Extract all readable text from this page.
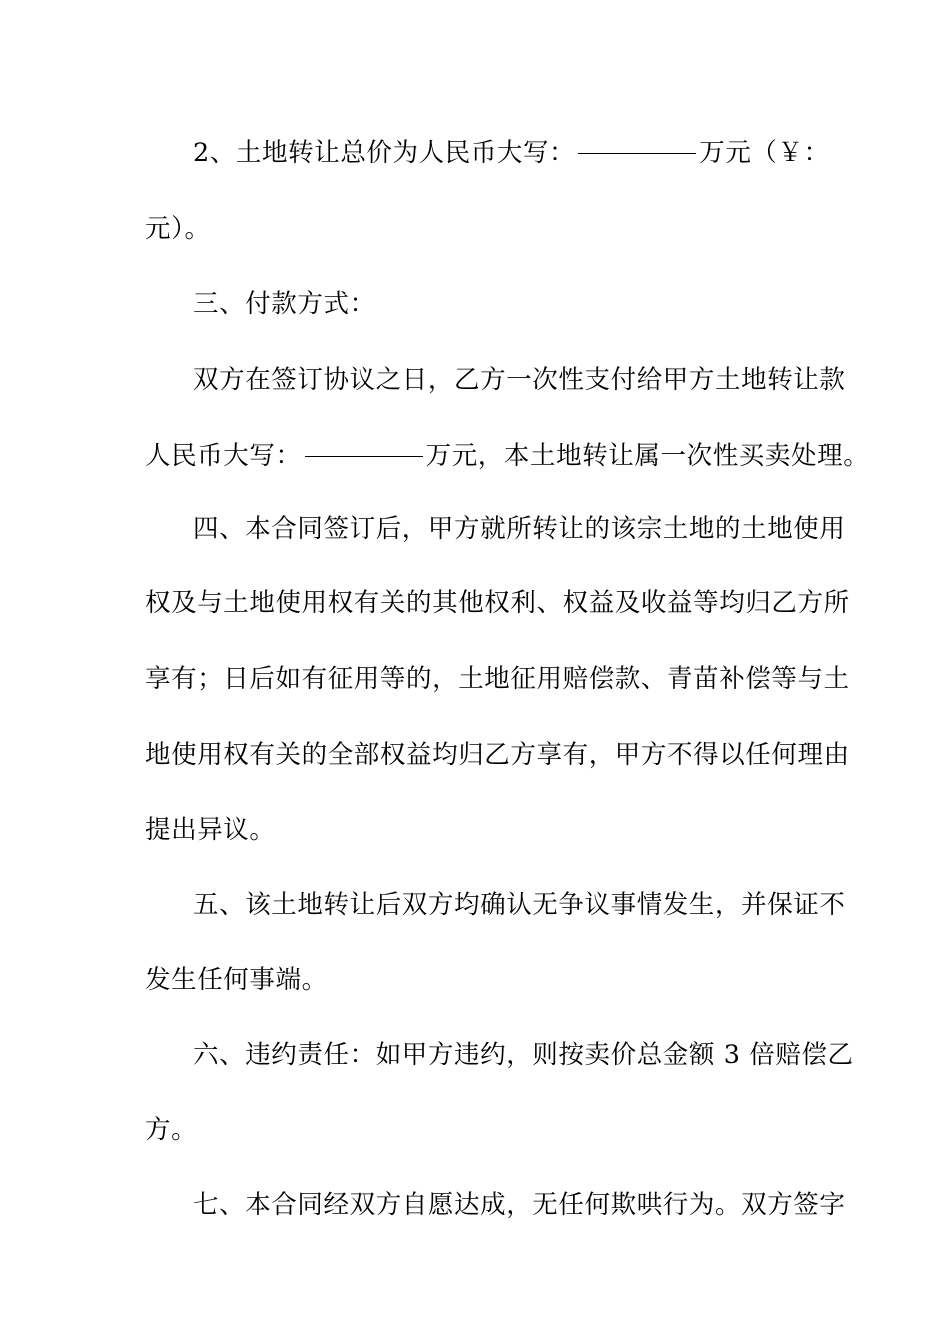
2、土地转让总价为人民币大写：	万元（￥：
元）。
三、付款方式：
双方在签订协议之日，乙方一次性支付给甲方土地转让款
人民币大写：	万元，本土地转让属一次性买卖处理。
四、本合同签订后，甲方就所转让的该宗土地的土地使用
权及与土地使用权有关的其他权利、权益及收益等均归乙方所
享有；日后如有征用等的，土地征用赔偿款、青苗补偿等与土
地使用权有关的全部权益均归乙方享有，甲方不得以任何理由
提出异议。
五、该土地转让后双方均确认无争议事情发生，并保证不
发生任何事端。
六、违约责任：如甲方违约，则按卖价总金额 3 倍赔偿乙
方。
七、本合同经双方自愿达成，无任何欺哄行为。双方签字
